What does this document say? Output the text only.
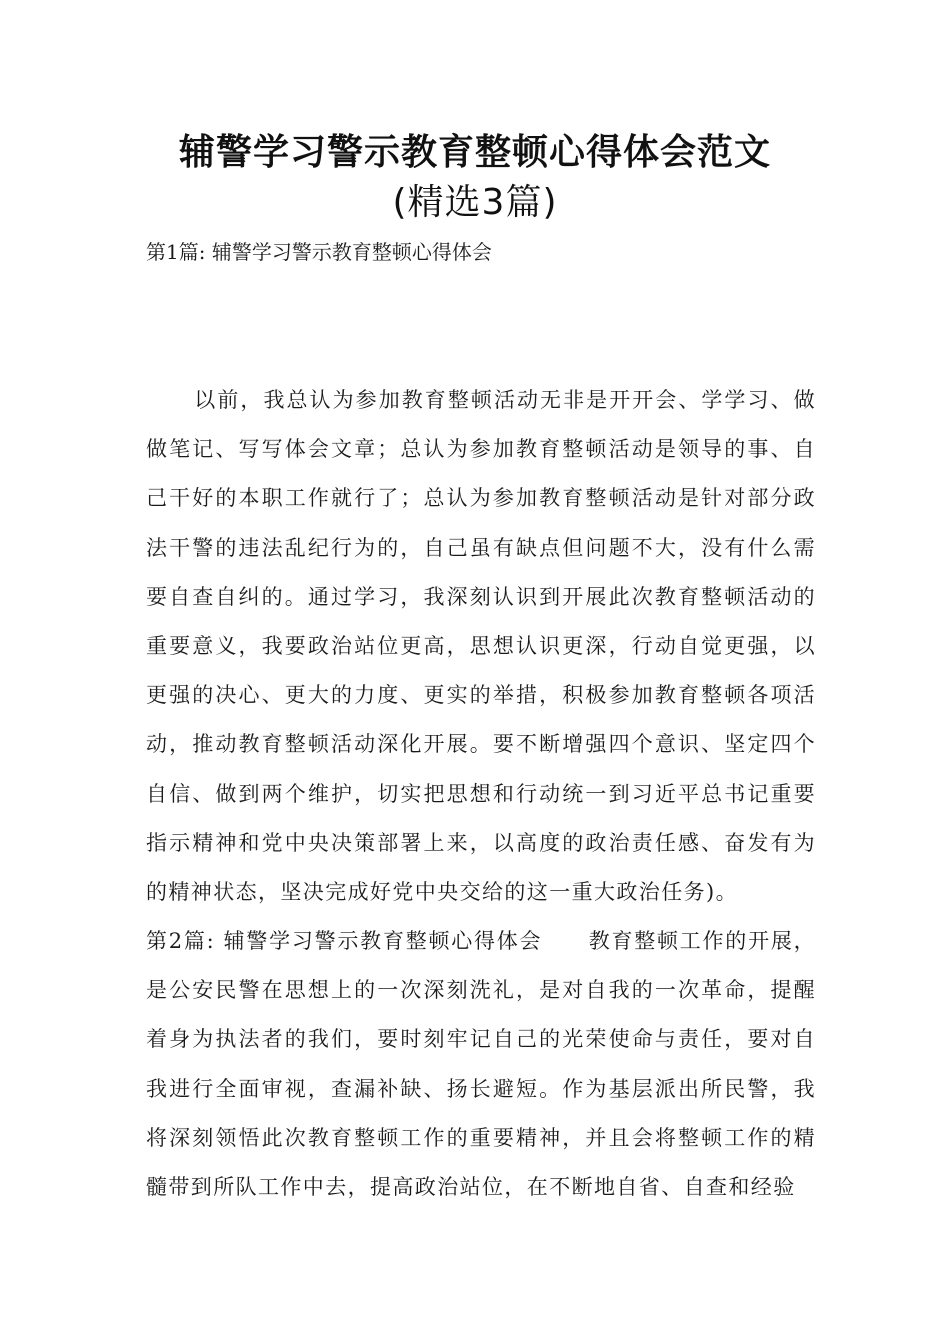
辅警学习警示教育整顿心得体会范文
(精选3篇)
第1篇: 辅警学习警示教育整顿心得体会

以前，我总认为参加教育整顿活动无非是开开会、学学习、做做笔记、写写体会文章；总认为参加教育整顿活动是领导的事、自己干好的本职工作就行了；总认为参加教育整顿活动是针对部分政法干警的违法乱纪行为的，自己虽有缺点但问题不大，没有什么需要自查自纠的。通过学习，我深刻认识到开展此次教育整顿活动的重要意义，我要政治站位更高，思想认识更深，行动自觉更强，以更强的决心、更大的力度、更实的举措，积极参加教育整顿各项活动，推动教育整顿活动深化开展。要不断增强四个意识、坚定四个自信、做到两个维护，切实把思想和行动统一到习近平总书记重要指示精神和党中央决策部署上来，以高度的政治责任感、奋发有为的精神状态，坚决完成好党中央交给的这一重大政治任务)。

第2篇: 辅警学习警示教育整顿心得体会 教育整顿工作的开展，是公安民警在思想上的一次深刻洗礼，是对自我的一次革命，提醒着身为执法者的我们，要时刻牢记自己的光荣使命与责任，要对自我进行全面审视，查漏补缺、扬长避短。作为基层派出所民警，我将深刻领悟此次教育整顿工作的重要精神，并且会将整顿工作的精髓带到所队工作中去，提高政治站位，在不断地自省、自查和经验
